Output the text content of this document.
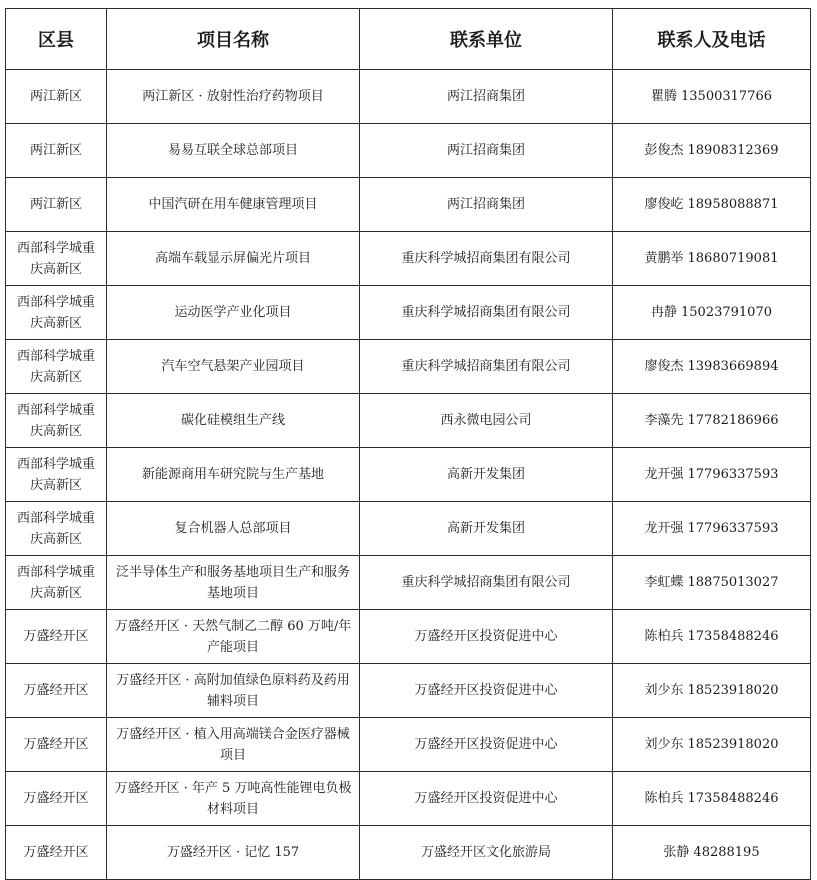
区县	项目名称	联系单位	联系人及电话
两江新区	两江新区 · 放射性治疗药物项目	两江招商集团	瞿腾 13500317766
两江新区	易易互联全球总部项目	两江招商集团	彭俊杰 18908312369
两江新区	中国汽研在用车健康管理项目	两江招商集团	廖俊屹 18958088871
西部科学城重庆高新区	高端车载显示屏偏光片项目	重庆科学城招商集团有限公司	黄鹏举 18680719081
西部科学城重庆高新区	运动医学产业化项目	重庆科学城招商集团有限公司	冉静 15023791070
西部科学城重庆高新区	汽车空气悬架产业园项目	重庆科学城招商集团有限公司	廖俊杰 13983669894
西部科学城重庆高新区	碳化硅模组生产线	西永微电园公司	李藻先 17782186966
西部科学城重庆高新区	新能源商用车研究院与生产基地	高新开发集团	龙开强 17796337593
西部科学城重庆高新区	复合机器人总部项目	高新开发集团	龙开强 17796337593
西部科学城重庆高新区	泛半导体生产和服务基地项目生产和服务基地项目	重庆科学城招商集团有限公司	李虹蝶 18875013027
万盛经开区	万盛经开区 · 天然气制乙二醇 60 万吨/年产能项目	万盛经开区投资促进中心	陈柏兵 17358488246
万盛经开区	万盛经开区 · 高附加值绿色原料药及药用辅料项目	万盛经开区投资促进中心	刘少东 18523918020
万盛经开区	万盛经开区 · 植入用高端镁合金医疗器械项目	万盛经开区投资促进中心	刘少东 18523918020
万盛经开区	万盛经开区 · 年产 5 万吨高性能锂电负极材料项目	万盛经开区投资促进中心	陈柏兵 17358488246
万盛经开区	万盛经开区 · 记忆 157	万盛经开区文化旅游局	张静 48288195
